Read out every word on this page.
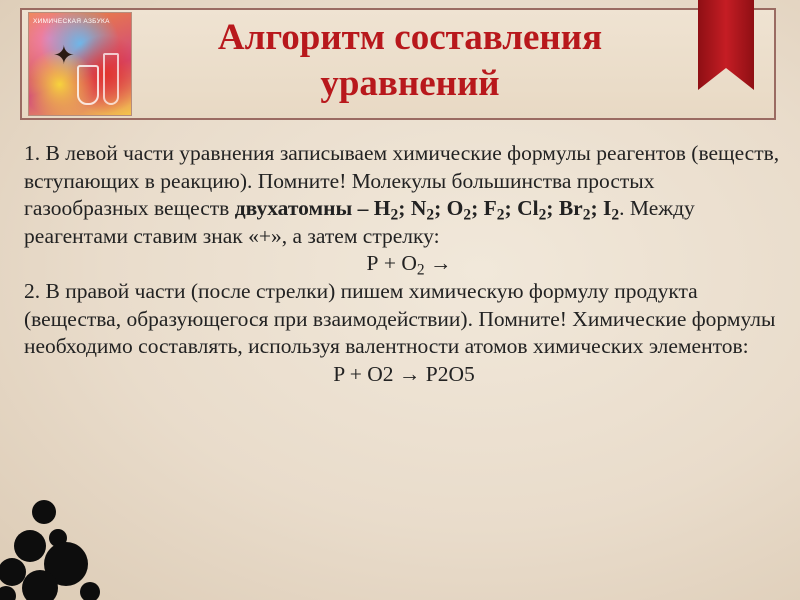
ХИМИЧЕСКАЯ АЗБУКА
✦	Алгоритм составления
уравнений

1. В левой части уравнения записываем химические формулы реагентов (веществ, вступающих в реакцию). Помните! Молекулы большинства простых газообразных веществ двухатомны – $H_2$; $N_2$; $O_2$; $F_2$; $Cl_2$; $Br_2$; $I_2$. Между реагентами ставим знак «+», а затем стрелку:

$Р + О_2$ →

2. В правой части (после стрелки) пишем химическую формулу продукта (вещества, образующегося при взаимодействии). Помните! Химические формулы необходимо составлять, используя валентности атомов химических элементов:

P + O2 → P2O5
